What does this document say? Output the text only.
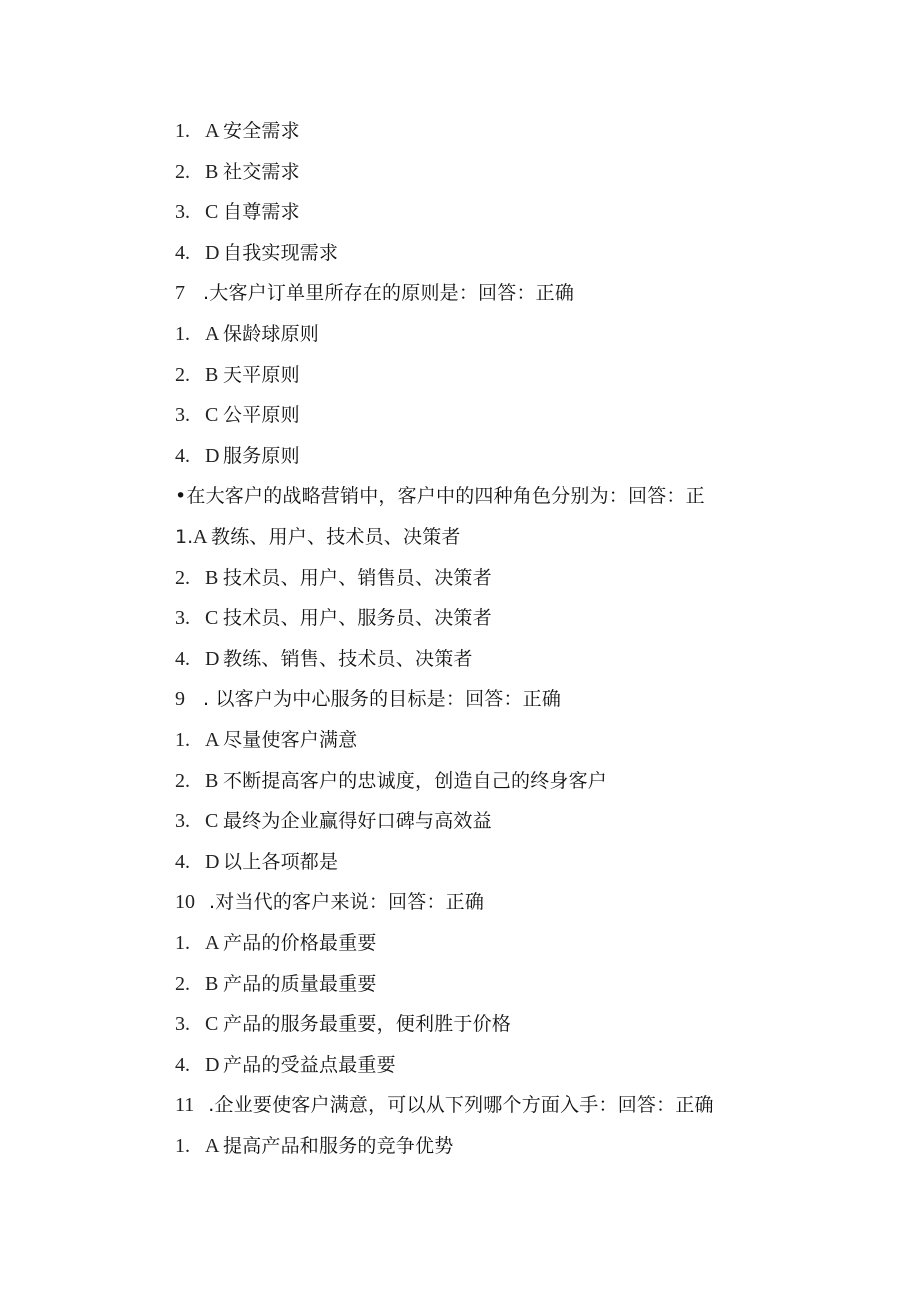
1. A 安全需求
2. B 社交需求
3. C 自尊需求
4. D 自我实现需求
7 .大客户订单里所存在的原则是：回答：正确
1. A 保龄球原则
2. B 天平原则
3. C 公平原则
4. D 服务原则
•在大客户的战略营销中，客户中的四种角色分别为：回答：正
1.A 教练、用户、技术员、决策者
2. B 技术员、用户、销售员、决策者
3. C 技术员、用户、服务员、决策者
4. D 教练、销售、技术员、决策者
9 . 以客户为中心服务的目标是：回答：正确
1. A 尽量使客户满意
2. B 不断提高客户的忠诚度，创造自己的终身客户
3. C 最终为企业赢得好口碑与高效益
4. D 以上各项都是
10 .对当代的客户来说：回答：正确
1. A 产品的价格最重要
2. B 产品的质量最重要
3. C 产品的服务最重要，便利胜于价格
4. D 产品的受益点最重要
11 .企业要使客户满意，可以从下列哪个方面入手：回答：正确
1. A 提高产品和服务的竞争优势
